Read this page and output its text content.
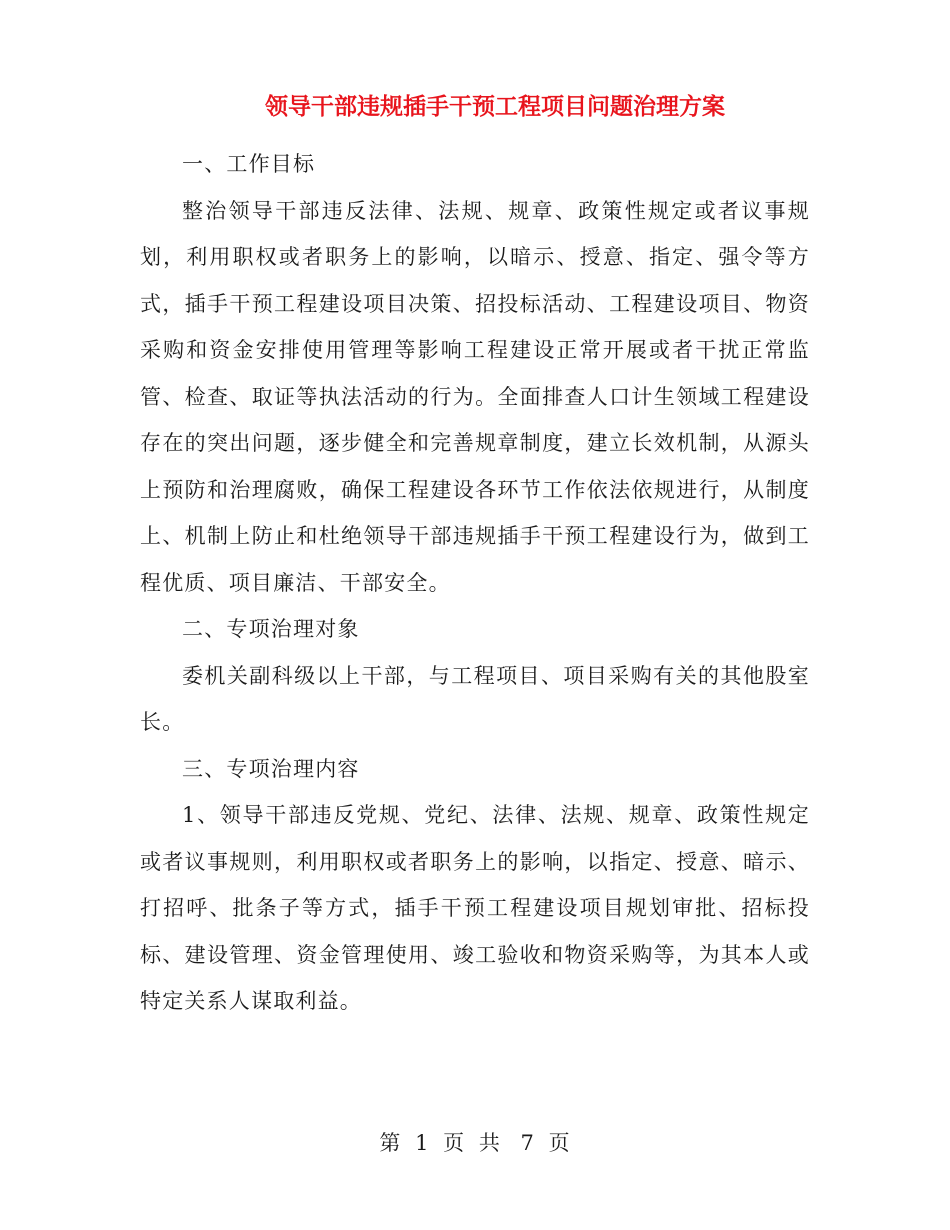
领导干部违规插手干预工程项目问题治理方案

一、工作目标

整治领导干部违反法律、法规、规章、政策性规定或者议事规划，利用职权或者职务上的影响，以暗示、授意、指定、强令等方式，插手干预工程建设项目决策、招投标活动、工程建设项目、物资采购和资金安排使用管理等影响工程建设正常开展或者干扰正常监管、检查、取证等执法活动的行为。全面排查人口计生领域工程建设存在的突出问题，逐步健全和完善规章制度，建立长效机制，从源头上预防和治理腐败，确保工程建设各环节工作依法依规进行，从制度上、机制上防止和杜绝领导干部违规插手干预工程建设行为，做到工程优质、项目廉洁、干部安全。

二、专项治理对象

委机关副科级以上干部，与工程项目、项目采购有关的其他股室长。

三、专项治理内容

1、领导干部违反党规、党纪、法律、法规、规章、政策性规定或者议事规则，利用职权或者职务上的影响，以指定、授意、暗示、打招呼、批条子等方式，插手干预工程建设项目规划审批、招标投标、建设管理、资金管理使用、竣工验收和物资采购等，为其本人或特定关系人谋取利益。

第 1 页 共 7 页
